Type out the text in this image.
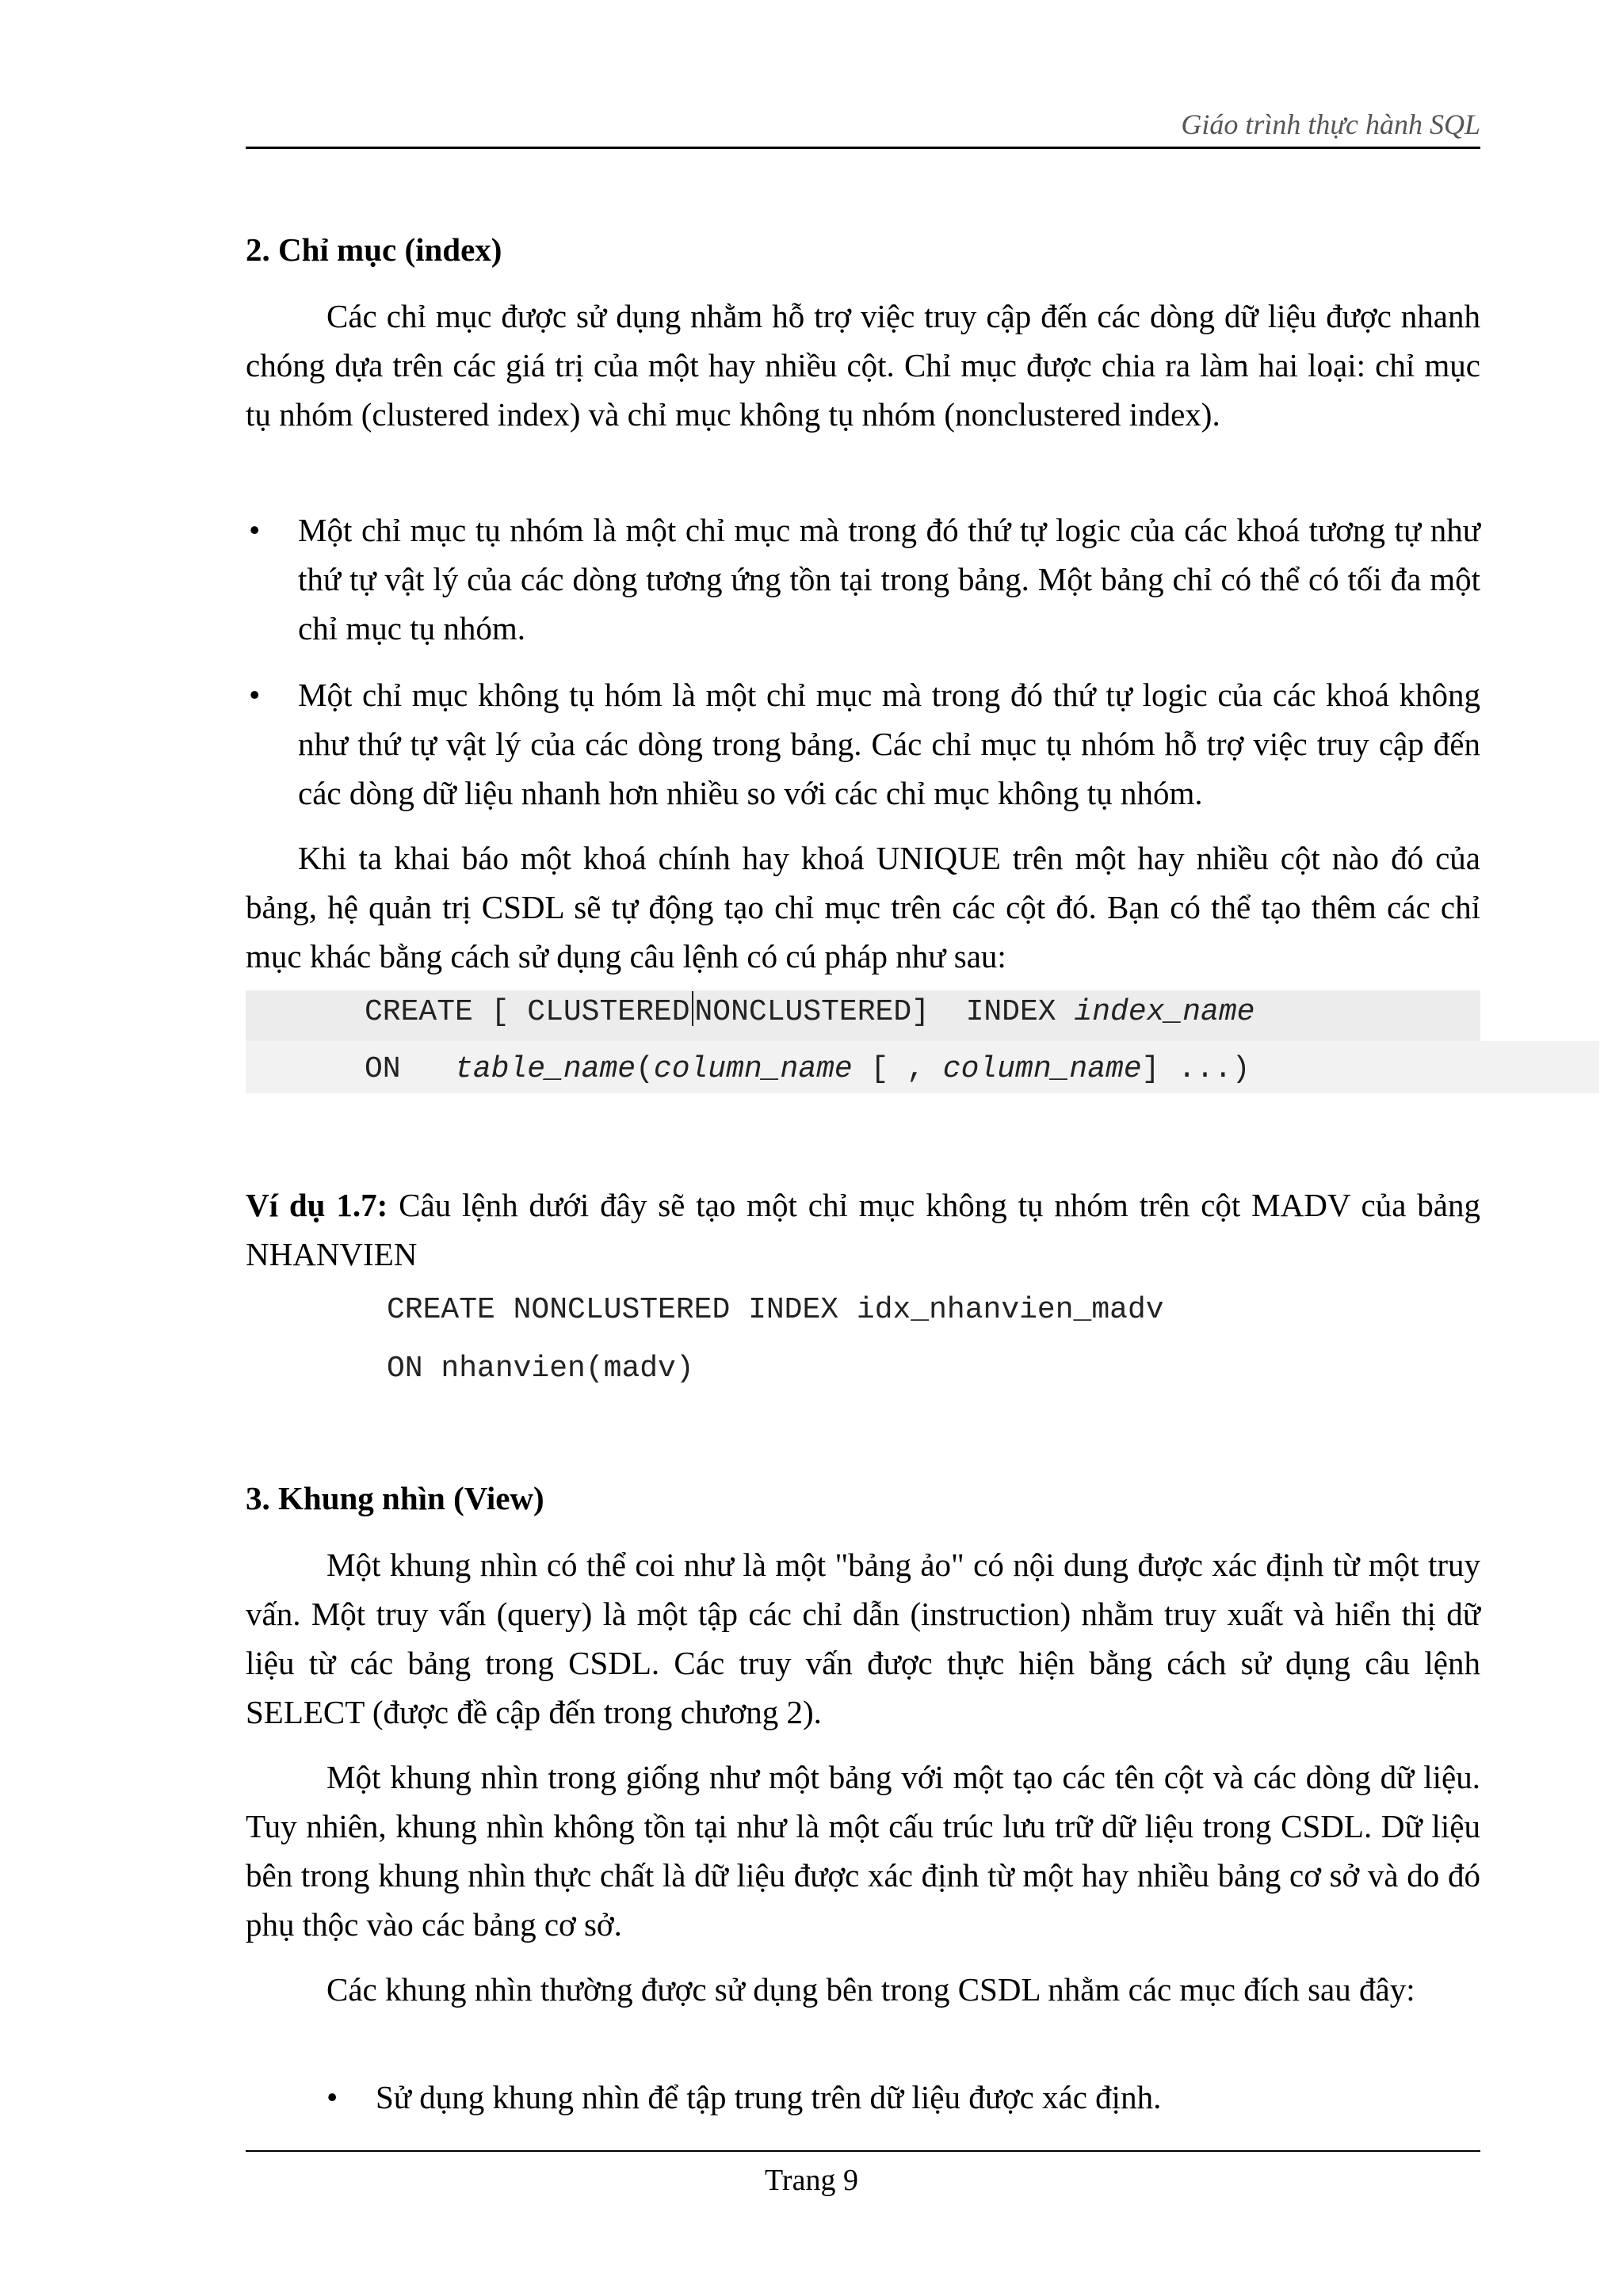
Giáo trình thực hành SQL

2. Chỉ mục (index)

Các chỉ mục được sử dụng nhằm hỗ trợ việc truy cập đến các dòng dữ liệu được nhanh chóng dựa trên các giá trị của một hay nhiều cột. Chỉ mục được chia ra làm hai loại: chỉ mục tụ nhóm (clustered index) và chỉ mục không tụ nhóm (nonclustered index).

•	Một chỉ mục tụ nhóm là một chỉ mục mà trong đó thứ tự logic của các khoá tương tự như thứ tự vật lý của các dòng tương ứng tồn tại trong bảng. Một bảng chỉ có thể có tối đa một chỉ mục tụ nhóm.
•	Một chỉ mục không tụ hóm là một chỉ mục mà trong đó thứ tự logic của các khoá không như thứ tự vật lý của các dòng trong bảng. Các chỉ mục tụ nhóm hỗ trợ việc truy cập đến các dòng dữ liệu nhanh hơn nhiều so với các chỉ mục không tụ nhóm.

Khi ta khai báo một khoá chính hay khoá UNIQUE trên một hay nhiều cột nào đó của bảng, hệ quản trị CSDL sẽ tự động tạo chỉ mục trên các cột đó. Bạn có thể tạo thêm các chỉ mục khác bằng cách sử dụng câu lệnh có cú pháp như sau:

CREATE [ CLUSTERED NONCLUSTERED] INDEX index_name
ON table_name(column_name [ , column_name] ...)

Ví dụ 1.7: Câu lệnh dưới đây sẽ tạo một chỉ mục không tụ nhóm trên cột MADV của bảng NHANVIEN

CREATE NONCLUSTERED INDEX idx_nhanvien_madv
ON nhanvien(madv)

3. Khung nhìn (View)

Một khung nhìn có thể coi như là một "bảng ảo" có nội dung được xác định từ một truy vấn. Một truy vấn (query) là một tập các chỉ dẫn (instruction) nhằm truy xuất và hiển thị dữ liệu từ các bảng trong CSDL. Các truy vấn được thực hiện bằng cách sử dụng câu lệnh SELECT (được đề cập đến trong chương 2).

Một khung nhìn trong giống như một bảng với một tạo các tên cột và các dòng dữ liệu. Tuy nhiên, khung nhìn không tồn tại như là một cấu trúc lưu trữ dữ liệu trong CSDL. Dữ liệu bên trong khung nhìn thực chất là dữ liệu được xác định từ một hay nhiều bảng cơ sở và do đó phụ thộc vào các bảng cơ sở.

Các khung nhìn thường được sử dụng bên trong CSDL nhằm các mục đích sau đây:

•	Sử dụng khung nhìn để tập trung trên dữ liệu được xác định.
Trang 9
